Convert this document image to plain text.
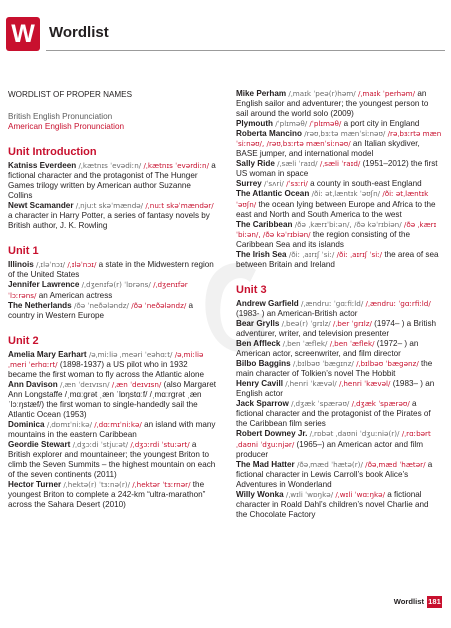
W Wordlist
WORDLIST OF PROPER NAMES
British English Pronunciation
American English Pronunciation
Unit Introduction
Katniss Everdeen /ˌkætnɪs ˈevədiːn/ /ˌkætnɪs ˈevərdiːn/ a fictional character and the protagonist of The Hunger Games trilogy written by American author Suzanne Collins
Newt Scamander /ˌnjuːt skəˈmændə/ /ˌnuːt skəˈmændər/ a character in Harry Potter, a series of fantasy novels by British author, J. K. Rowling
Unit 1
Illinois /ˌɪləˈnɔɪ/ /ˌɪləˈnɔɪ/ a state in the Midwestern region of the United States
Jennifer Lawrence /ˌdʒenɪfə(r) ˈlɒrəns/ /ˌdʒenɪfər ˈlɔːrəns/ an American actress
The Netherlands /ðə ˈneðələndz/ /ðə ˈneðələndz/ a country in Western Europe
Unit 2
Amelia Mary Earhart /əˌmiːliə ˌmeəri ˈeəhɑːt/ /əˌmiːliə ˌmeri ˈerhɑːrt/ (1898-1937) a US pilot who in 1932 became the first woman to fly across the Atlantic alone
Ann Davison /ˌæn ˈdeɪvɪsn/ /ˌæn ˈdeɪvɪsn/ (also Margaret Ann Longstaffe /ˌmɑːɡrət ˌæn ˈlɒŋstɑːf/ /ˌmɑːrɡrət ˌæn ˈlɔːŋstæf/) the first woman to single-handedly sail the Atlantic Ocean (1953)
Dominica /ˌdɒmɪˈniːkə/ /ˌdɑːmɪˈniːkə/ an island with many mountains in the eastern Caribbean
Geordie Stewart /ˌdʒɔːdi ˈstjuːət/ /ˌdʒɔːrdi ˈstuːərt/ a British explorer and mountaineer; the youngest Briton to climb the Seven Summits – the highest mountain on each of the seven continents (2011)
Hector Turner /ˌhektə(r) ˈtɜːnə(r)/ /ˌhektər ˈtɜːrnər/ the youngest Briton to complete a 242-km “ultra-marathon” across the Sahara Desert (2010)
Mike Perham /ˌmaɪk ˈpeə(r)həm/ /ˌmaɪk ˈperhəm/ an English sailor and adventurer; the youngest person to sail around the world solo (2009)
Plymouth /ˈplɪməθ/ /ˈplɪməθ/ a port city in England
Roberta Mancino /rəʊˌbɜːtə mænˈsiːnəʊ/ /rəˌbɜːrtə mænˈsiːnəʊ/, /rəʊˌbɜːrtə mænˈsiːnəʊ/ an Italian skydiver, BASE jumper, and international model
Sally Ride /ˌsæli ˈraɪd/ /ˌsæli ˈraɪd/ (1951–2012) the first US woman in space
Surrey /ˈsʌri/ /ˈsɜːri/ a county in south-east England
The Atlantic Ocean /ðiː ətˌlæntɪk ˈəʊʃn/ /ðiː ətˌlæntɪk ˈəʊʃn/ the ocean lying between Europe and Africa to the east and North and South America to the west
The Caribbean /ðə ˌkærɪˈbiːən/, /ðə kəˈrɪbiən/ /ðə ˌkærɪˈbiːən/, /ðə kəˈrɪbiən/ the region consisting of the Caribbean Sea and its islands
The Irish Sea /ðiː ˌaɪrɪʃ ˈsiː/ /ðiː ˌaɪrɪʃ ˈsiː/ the area of sea between Britain and Ireland
Unit 3
Andrew Garfield /ˌændruː ˈɡɑːfiːld/ /ˌændruː ˈɡɑːrfiːld/ (1983- ) an American-British actor
Bear Grylls /ˌbeə(r) ˈɡrɪlz/ /ˌber ˈɡrɪlz/ (1974– ) a British adventurer, writer, and television presenter
Ben Affleck /ˌben ˈæflek/ /ˌben ˈæflek/ (1972– ) an American actor, screenwriter, and film director
Bilbo Baggins /ˌbɪlbəʊ ˈbæɡɪnz/ /ˌbɪlbəʊ ˈbæɡənz/ the main character of Tolkien’s novel The Hobbit
Henry Cavill /ˌhenri ˈkævəl/ /ˌhenri ˈkævəl/ (1983– ) an English actor
Jack Sparrow /ˌdʒæk ˈspærəʊ/ /ˌdʒæk ˈspærəʊ/ a fictional character and the protagonist of the Pirates of the Caribbean film series
Robert Downey Jr. /ˌrɒbət ˌdaʊni ˈdʒuːniə(r)/ /ˌrɑːbərt ˌdaʊni ˈdʒuːnjər/ (1965–) an American actor and film producer
The Mad Hatter /ðəˌmæd ˈhætə(r)/ /ðəˌmæd ˈhætər/ a fictional character in Lewis Carroll’s book Alice’s Adventures in Wonderland
Willy Wonka /ˌwɪli ˈwɒŋkə/ /ˌwɪli ˈwɑːŋkə/ a fictional character in Roald Dahl’s children’s novel Charlie and the Chocolate Factory
Wordlist 181
